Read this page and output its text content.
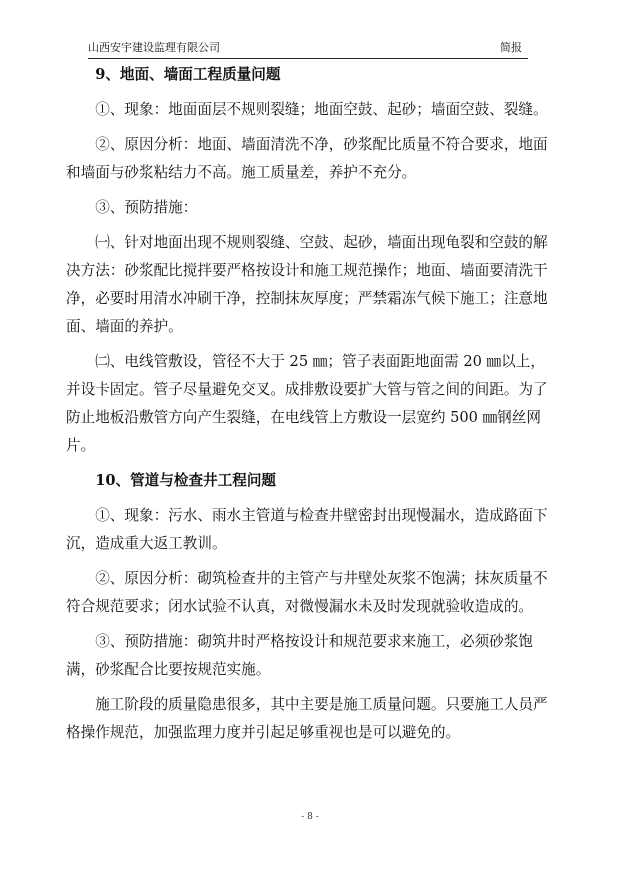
山西安宇建设监理有限公司	简报

9、地面、墙面工程质量问题

①、现象：地面面层不规则裂缝；地面空鼓、起砂；墙面空鼓、裂缝。

②、原因分析：地面、墙面清洗不净，砂浆配比质量不符合要求，地面和墙面与砂浆粘结力不高。施工质量差，养护不充分。

③、预防措施：

㈠、针对地面出现不规则裂缝、空鼓、起砂，墙面出现龟裂和空鼓的解决方法：砂浆配比搅拌要严格按设计和施工规范操作；地面、墙面要清洗干净，必要时用清水冲刷干净，控制抹灰厚度；严禁霜冻气候下施工；注意地面、墙面的养护。

㈡、电线管敷设，管径不大于 25 ㎜；管子表面距地面需 20 ㎜以上，并设卡固定。管子尽量避免交叉。成排敷设要扩大管与管之间的间距。为了防止地板沿敷管方向产生裂缝，在电线管上方敷设一层宽约 500 ㎜钢丝网片。

10、管道与检查井工程问题

①、现象：污水、雨水主管道与检查井壁密封出现慢漏水，造成路面下沉，造成重大返工教训。

②、原因分析：砌筑检查井的主管产与井壁处灰浆不饱满；抹灰质量不符合规范要求；闭水试验不认真，对微慢漏水未及时发现就验收造成的。

③、预防措施：砌筑井时严格按设计和规范要求来施工，必须砂浆饱满，砂浆配合比要按规范实施。

施工阶段的质量隐患很多，其中主要是施工质量问题。只要施工人员严格操作规范，加强监理力度并引起足够重视也是可以避免的。

- 8 -
